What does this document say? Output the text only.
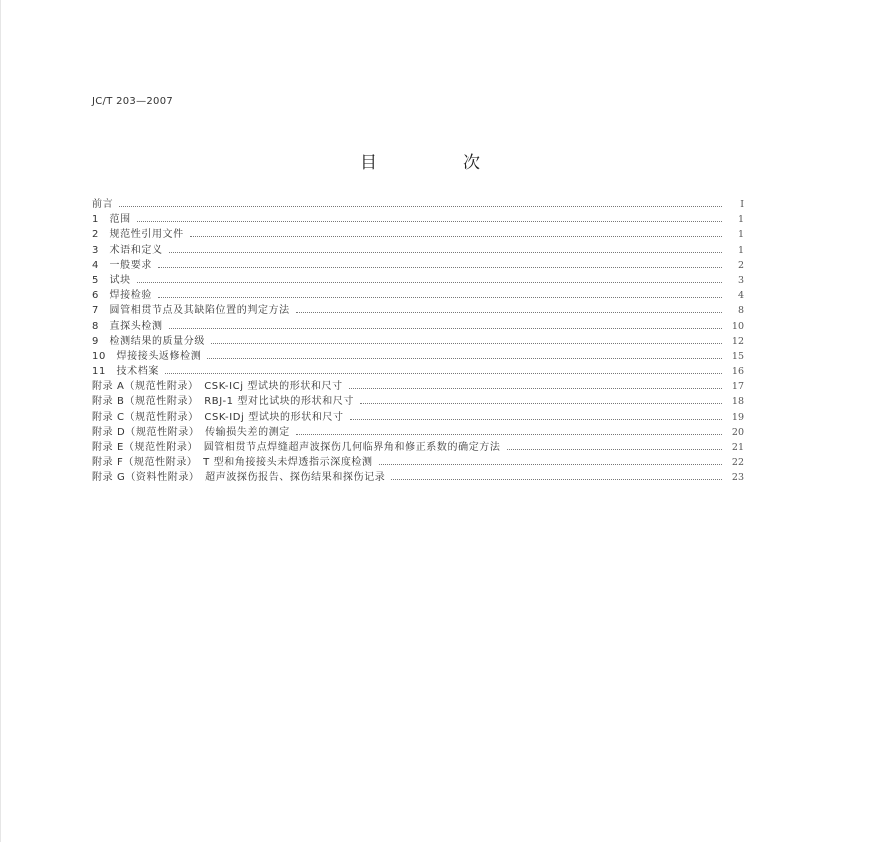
JC/T 203—2007
目	次
前言	I
1　范围	1
2　规范性引用文件	1
3　术语和定义	1
4　一般要求	2
5　试块	3
6　焊接检验	4
7　圆管相贯节点及其缺陷位置的判定方法	8
8　直探头检测	10
9　检测结果的质量分级	12
10　焊接接头返修检测	15
11　技术档案	16
附录 A（规范性附录）　CSK-ⅠCj 型试块的形状和尺寸	17
附录 B（规范性附录）　RBJ-1 型对比试块的形状和尺寸	18
附录 C（规范性附录）　CSK-ⅠDj 型试块的形状和尺寸	19
附录 D（规范性附录）　传输损失差的测定	20
附录 E（规范性附录）　圆管相贯节点焊缝超声波探伤几何临界角和修正系数的确定方法	21
附录 F（规范性附录）　T 型和角接接头未焊透指示深度检测	22
附录 G（资料性附录）　超声波探伤报告、探伤结果和探伤记录	23
